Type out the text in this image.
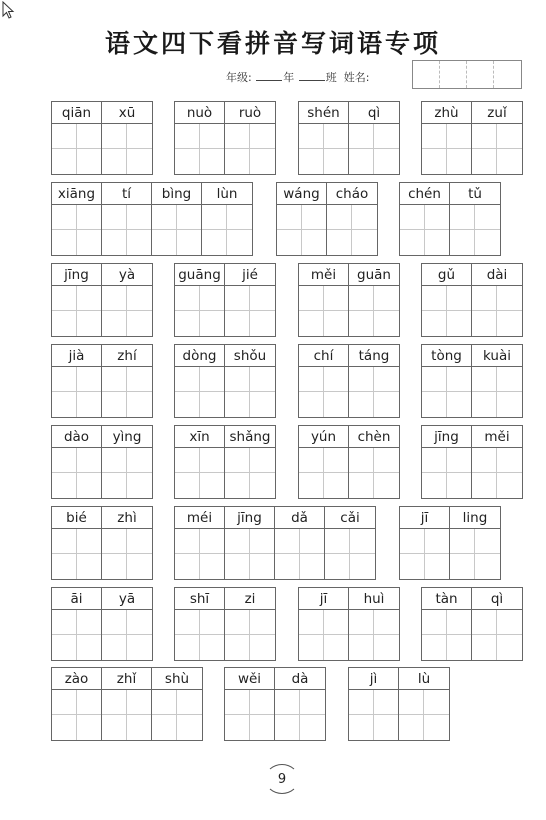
语文四下看拼音写词语专项
年级:	年	班 姓名:
qiān	xū	nuò	ruò	shén	qì	zhù	zuǐ
xiāng	tí	bìng	lùn	wáng	cháo	chén	tǔ
jīng	yà	guāng	jié	měi	guān	gǔ	dài
jià	zhí	dòng	shǒu	chí	táng	tòng	kuài
dào	yìng	xīn	shǎng	yún	chèn	jīng	měi
bié	zhì	méi	jīng	dǎ	cǎi	jī	ling
āi	yā	shī	zi	jī	huì	tàn	qì
zào	zhǐ	shù	wěi	dà	jì	lù
9
